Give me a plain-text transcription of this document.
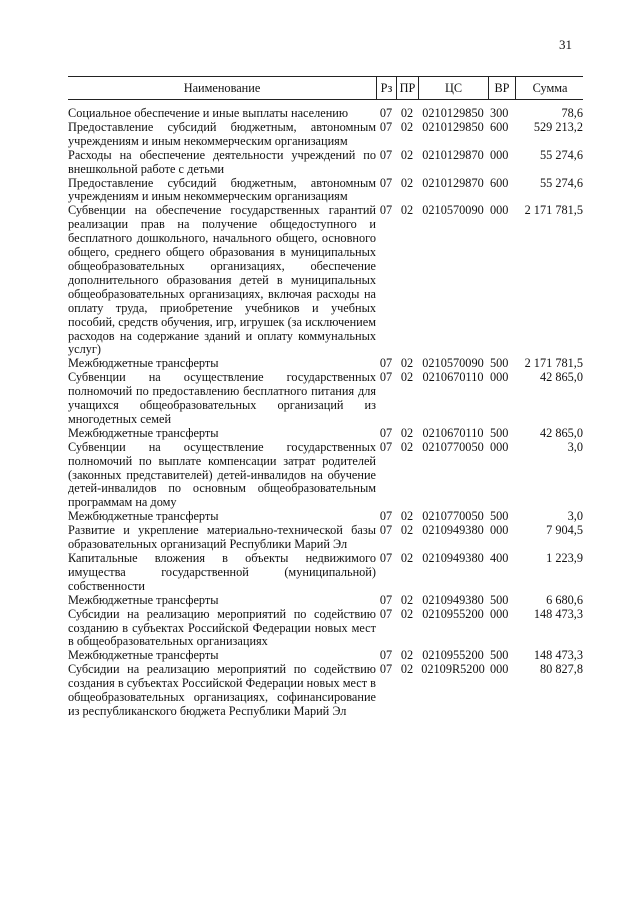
31
Наименование	Рз ПР	ЦС	ВР	Сумма
Социальное обеспечение и иные выплаты населению	07 02 0210129850 300	78,6
Предоставление субсидий бюджетным, автономным учреждениям и иным некоммерческим организациям
07 02 0210129850 600	529 213,2
Расходы на обеспечение деятельности учреждений по внешкольной работе с детьми
07 02 0210129870 000	55 274,6
Предоставление субсидий бюджетным, автономным учреждениям и иным некоммерческим организациям
07 02 0210129870 600	55 274,6
Субвенции на обеспечение государственных гарантий реализации прав на получение общедоступного и бесплатного дошкольного, начального общего, основного общего, среднего общего образования в муниципальных общеобразовательных организациях, обеспечение дополнительного образования детей в муниципальных общеобразовательных организациях, включая расходы на оплату труда, приобретение учебников и учебных пособий, средств обучения, игр, игрушек (за исключением расходов на содержание зданий и оплату коммунальных услуг)
07 02 0210570090 000	2 171 781,5
Межбюджетные трансферты	07 02 0210570090 500	2 171 781,5
Субвенции на осуществление государственных полномочий по предоставлению бесплатного питания для учащихся общеобразовательных организаций из многодетных семей
07 02 0210670110 000	42 865,0
Межбюджетные трансферты	07 02 0210670110 500	42 865,0
Субвенции на осуществление государственных полномочий по выплате компенсации затрат родителей (законных представителей) детей-инвалидов на обучение детей-инвалидов по основным общеобразовательным программам на дому
07 02 0210770050 000	3,0
Межбюджетные трансферты	07 02 0210770050 500	3,0
Развитие и укрепление материально-технической базы образовательных организаций Республики Марий Эл
07 02 0210949380 000	7 904,5
Капитальные вложения в объекты недвижимого имущества государственной (муниципальной) собственности
07 02 0210949380 400	1 223,9
Межбюджетные трансферты	07 02 0210949380 500	6 680,6
Субсидии на реализацию мероприятий по содействию созданию в субъектах Российской Федерации новых мест в общеобразовательных организациях
07 02 0210955200 000	148 473,3
Межбюджетные трансферты	07 02 0210955200 500	148 473,3
Субсидии на реализацию мероприятий по содействию создания в субъектах Российской Федерации новых мест в общеобразовательных организациях, софинансирование из республиканского бюджета Республики Марий Эл
07 02 02109R5200 000	80 827,8
